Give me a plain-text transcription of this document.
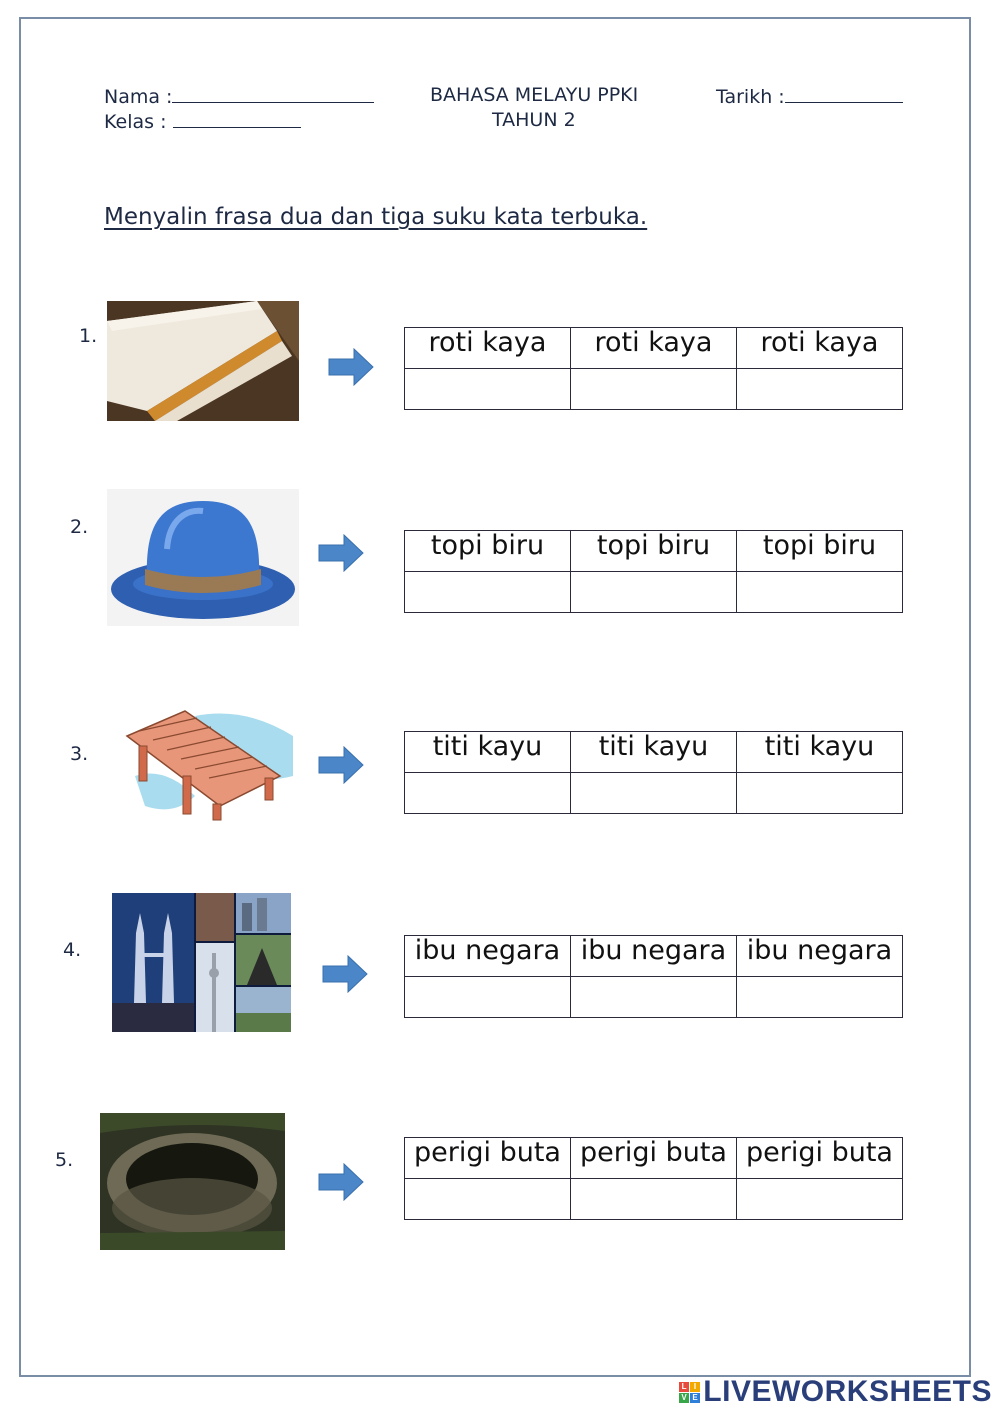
Nama :
Kelas :
BAHASA MELAYU PPKI
TAHUN 2
Tarikh :
Menyalin frasa dua dan tiga suku kata terbuka.
1.	roti kaya	roti kaya	roti kaya

2.
topi biru	topi biru	topi biru

3.	titi kayu	titi kayu	titi kayu

4.	ibu negara	ibu negara	ibu negara

5.	perigi buta	perigi buta	perigi buta

L I
V E LIVEWORKSHEETS
